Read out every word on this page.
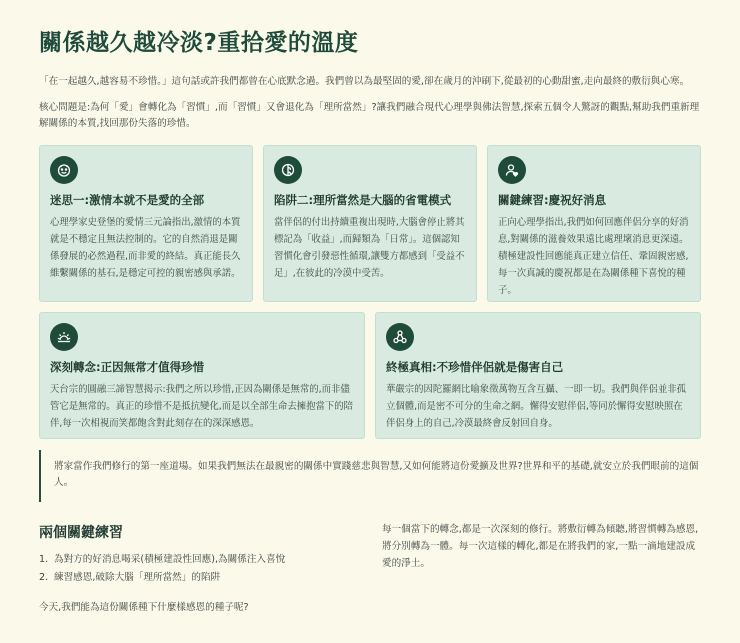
關係越久越冷淡?重拾愛的溫度

「在一起越久,越容易不珍惜。」這句話或許我們都曾在心底默念過。我們曾以為最堅固的愛,卻在歲月的沖刷下,從最初的心動甜蜜,走向最終的敷衍與心寒。

核心問題是:為何「愛」會轉化為「習慣」,而「習慣」又會退化為「理所當然」?讓我們融合現代心理學與佛法智慧,探索五個令人驚訝的觀點,幫助我們重新理解關係的本質,找回那份失落的珍惜。

迷思一:激情本就不是愛的全部

心理學家史登堡的愛情三元論指出,激情的本質就是不穩定且無法控制的。它的自然消退是關係發展的必然過程,而非愛的終結。真正能長久維繫關係的基石,是穩定可控的親密感與承諾。

陷阱二:理所當然是大腦的省電模式

當伴侶的付出持續重複出現時,大腦會停止將其標記為「收益」,而歸類為「日常」。這個認知習慣化會引發惡性循環,讓雙方都感到「受益不足」,在彼此的冷漠中受苦。

關鍵練習:慶祝好消息

正向心理學指出,我們如何回應伴侶分享的好消息,對關係的滋養效果遠比處理壞消息更深遠。積極建設性回應能真正建立信任、鞏固親密感,每一次真誠的慶祝都是在為關係種下喜悅的種子。

深刻轉念:正因無常才值得珍惜

天台宗的圓融三諦智慧揭示:我們之所以珍惜,正因為關係是無常的,而非儘管它是無常的。真正的珍惜不是抵抗變化,而是以全部生命去擁抱當下的陪伴,每一次相視而笑都飽含對此刻存在的深深感恩。

終極真相:不珍惜伴侶就是傷害自己

華嚴宗的因陀羅網比喻象徵萬物互含互攝、一即一切。我們與伴侶並非孤立個體,而是密不可分的生命之網。懈得安慰伴侶,等同於懈得安慰映照在伴侶身上的自己,冷漠最終會反射回自身。

將家當作我們修行的第一座道場。如果我們無法在最親密的關係中實踐慈悲與智慧,又如何能將這份愛擴及世界?世界和平的基礎,就安立於我們眼前的這個人。
兩個關鍵練習
1. 為對方的好消息喝采(積極建設性回應),為關係注入喜悅
2. 練習感恩,破除大腦「理所當然」的陷阱

今天,我們能為這份關係種下什麼樣感恩的種子呢?

每一個當下的轉念,都是一次深刻的修行。將敷衍轉為傾聽,將習慣轉為感恩,將分別轉為一體。每一次這樣的轉化,都是在將我們的家,一點一滴地建設成愛的淨土。
